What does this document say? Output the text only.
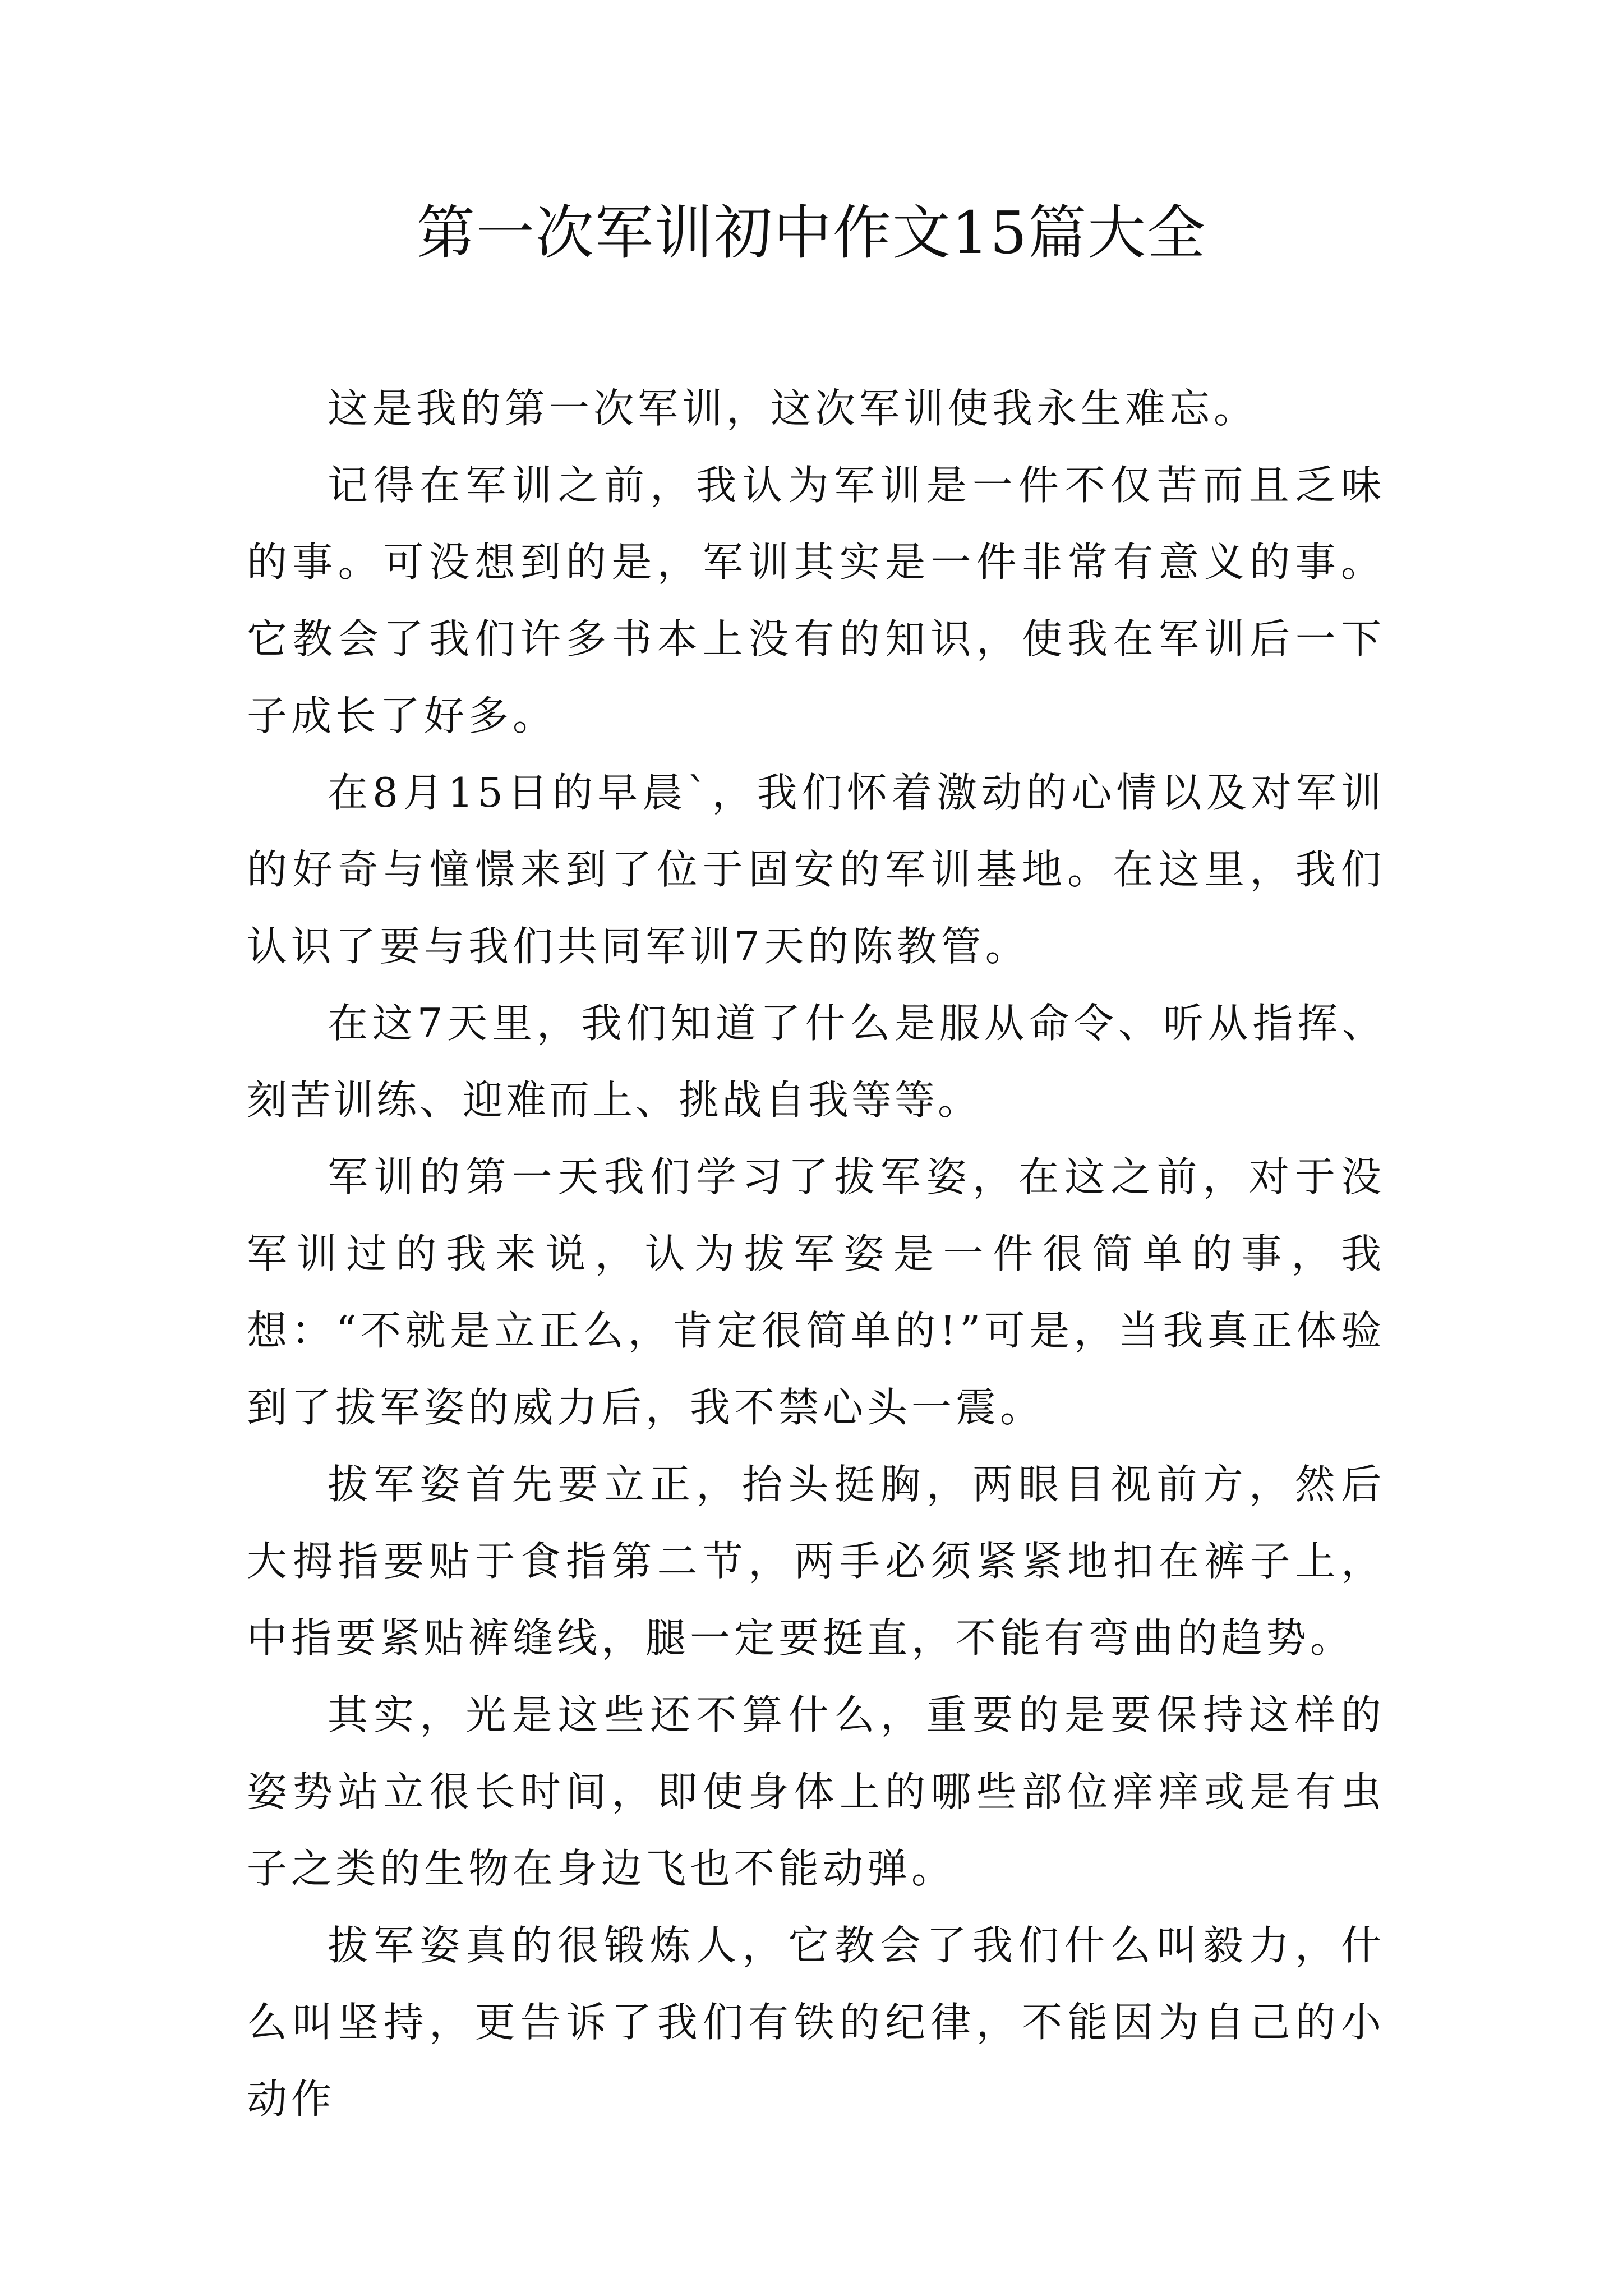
第一次军训初中作文15篇大全

这是我的第一次军训，这次军训使我永生难忘。

记得在军训之前，我认为军训是一件不仅苦而且乏味的事。可没想到的是，军训其实是一件非常有意义的事。它教会了我们许多书本上没有的知识，使我在军训后一下子成长了好多。

在8月15日的早晨`，我们怀着激动的心情以及对军训的好奇与憧憬来到了位于固安的军训基地。在这里，我们认识了要与我们共同军训7天的陈教管。

在这7天里，我们知道了什么是服从命令、听从指挥、刻苦训练、迎难而上、挑战自我等等。

军训的第一天我们学习了拔军姿，在这之前，对于没军训过的我来说，认为拔军姿是一件很简单的事，我想：“不就是立正么，肯定很简单的!”可是，当我真正体验到了拔军姿的威力后，我不禁心头一震。

拔军姿首先要立正，抬头挺胸，两眼目视前方，然后大拇指要贴于食指第二节，两手必须紧紧地扣在裤子上，中指要紧贴裤缝线，腿一定要挺直，不能有弯曲的趋势。

其实，光是这些还不算什么，重要的是要保持这样的姿势站立很长时间，即使身体上的哪些部位痒痒或是有虫子之类的生物在身边飞也不能动弹。

拔军姿真的很锻炼人，它教会了我们什么叫毅力，什么叫坚持，更告诉了我们有铁的纪律，不能因为自己的小动作
